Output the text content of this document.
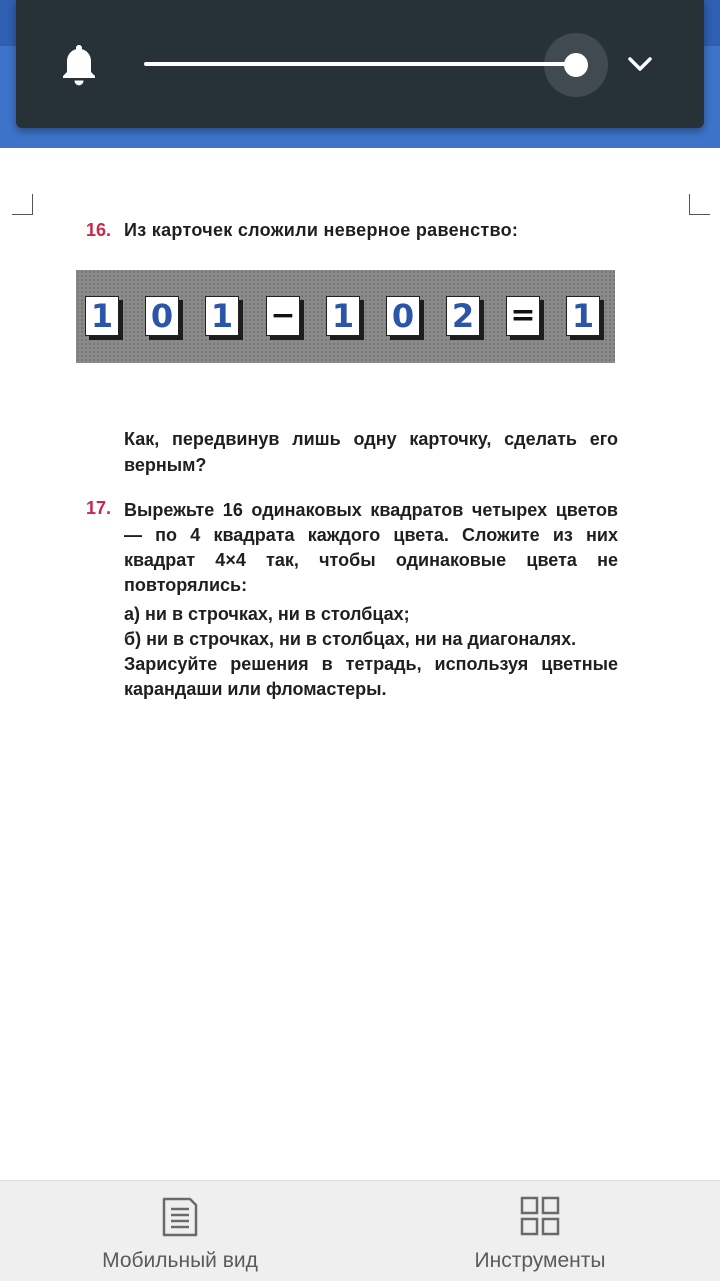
16. Из карточек сложили неверное равенство:
1 0 1 − 1 0 2 = 1
Как, передвинув лишь одну карточку, сделать его верным?
17. Вырежьте 16 одинаковых квадратов четырех цветов — по 4 квадрата каждого цвета. Сложите из них квадрат 4×4 так, чтобы одинаковые цвета не повторялись:

а) ни в строчках, ни в столбцах;

б) ни в строчках, ни в столбцах, ни на диагоналях.

Зарисуйте решения в тетрадь, используя цветные карандаши или фломастеры.

Мобильный вид	Инструменты
